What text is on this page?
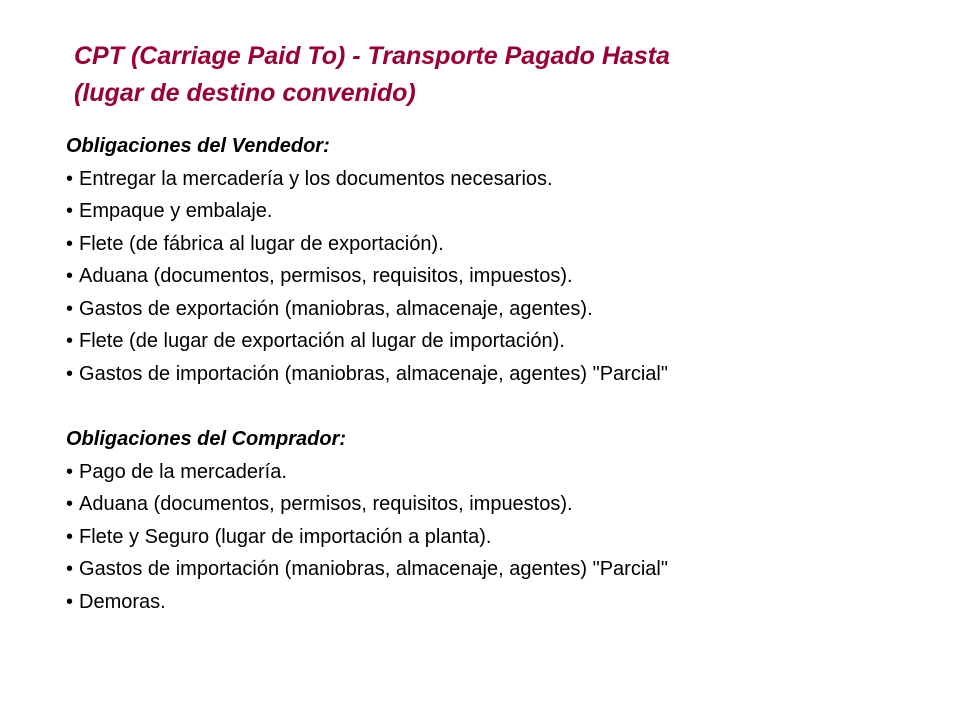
CPT (Carriage Paid To) - Transporte Pagado Hasta
(lugar de destino convenido)

Obligaciones del Vendedor:

• Entregar la mercadería y los documentos necesarios.
• Empaque y embalaje.
• Flete (de fábrica al lugar de exportación).
• Aduana (documentos, permisos, requisitos, impuestos).
• Gastos de exportación (maniobras, almacenaje, agentes).
• Flete (de lugar de exportación al lugar de importación).
• Gastos de importación (maniobras, almacenaje, agentes) "Parcial"

Obligaciones del Comprador:

• Pago de la mercadería.
• Aduana (documentos, permisos, requisitos, impuestos).
• Flete y Seguro (lugar de importación a planta).
• Gastos de importación (maniobras, almacenaje, agentes) "Parcial"
• Demoras.
